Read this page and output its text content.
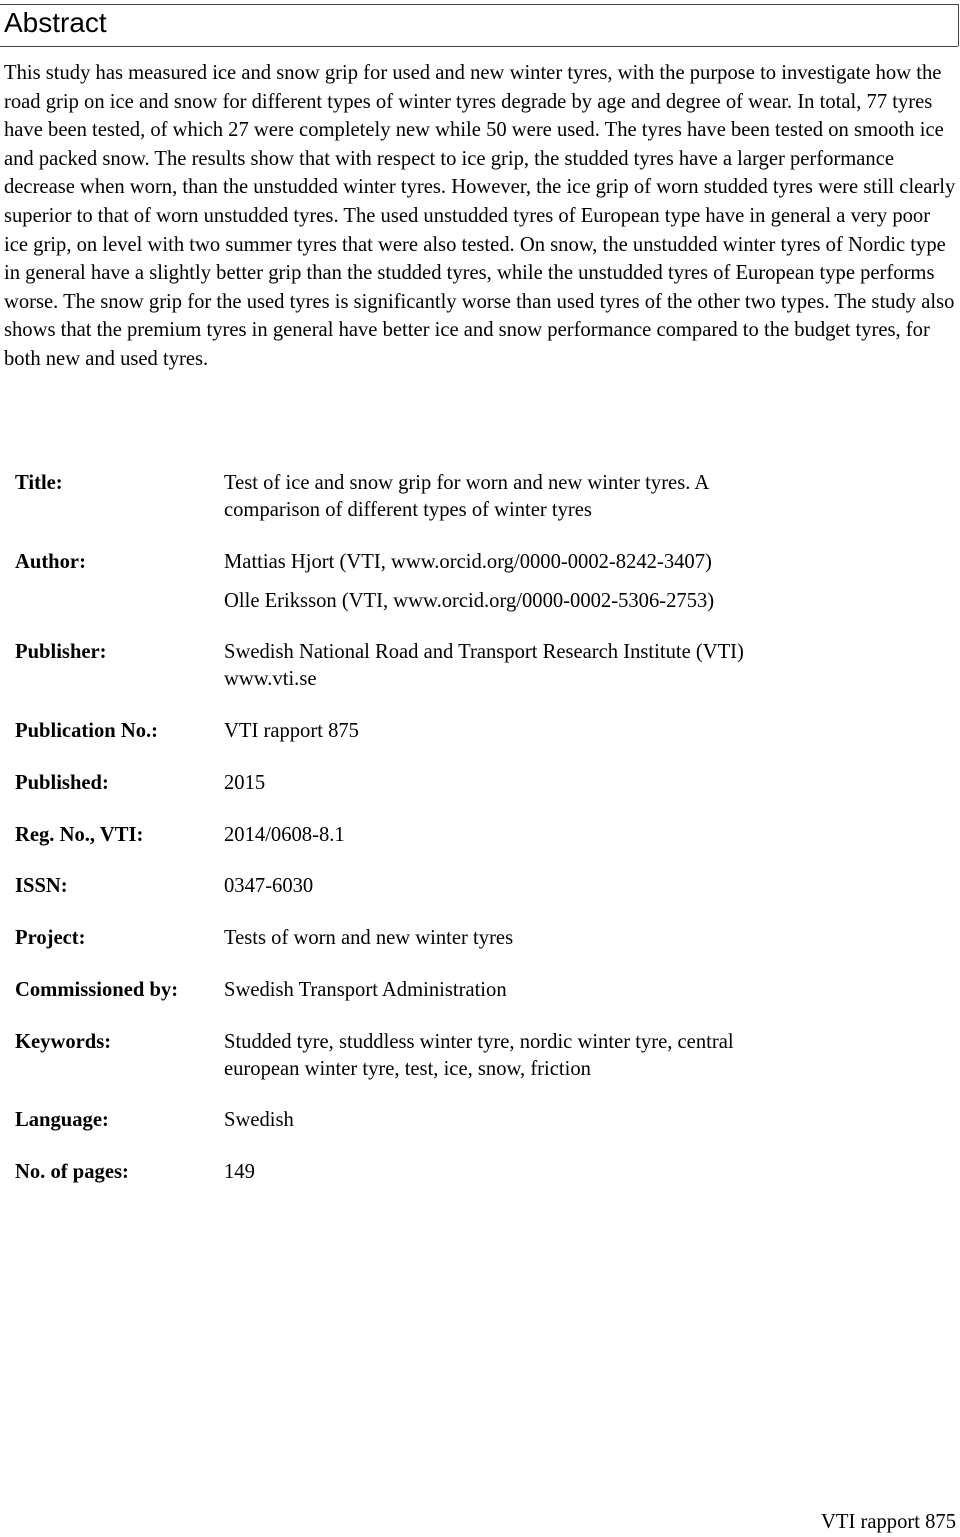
Abstract

This study has measured ice and snow grip for used and new winter tyres, with the purpose to investigate how the road grip on ice and snow for different types of winter tyres degrade by age and degree of wear. In total, 77 tyres have been tested, of which 27 were completely new while 50 were used. The tyres have been tested on smooth ice and packed snow. The results show that with respect to ice grip, the studded tyres have a larger performance decrease when worn, than the unstudded winter tyres. However, the ice grip of worn studded tyres were still clearly superior to that of worn unstudded tyres. The used unstudded tyres of European type have in general a very poor ice grip, on level with two summer tyres that were also tested. On snow, the unstudded winter tyres of Nordic type in general have a slightly better grip than the studded tyres, while the unstudded tyres of European type performs worse. The snow grip for the used tyres is significantly worse than used tyres of the other two types. The study also shows that the premium tyres in general have better ice and snow performance compared to the budget tyres, for both new and used tyres.

Title:	Test of ice and snow grip for worn and new winter tyres. A
comparison of different types of winter tyres
Author:	Mattias Hjort (VTI, www.orcid.org/0000-0002-8242-3407)
Olle Eriksson (VTI, www.orcid.org/0000-0002-5306-2753)
Publisher:	Swedish National Road and Transport Research Institute (VTI)
www.vti.se
Publication No.:	VTI rapport 875
Published:	2015
Reg. No., VTI:	2014/0608-8.1
ISSN:	0347-6030
Project:	Tests of worn and new winter tyres
Commissioned by: Swedish Transport Administration
Keywords:	Studded tyre, studdless winter tyre, nordic winter tyre, central
european winter tyre, test, ice, snow, friction
Language:	Swedish
No. of pages:	149
VTI rapport 875
